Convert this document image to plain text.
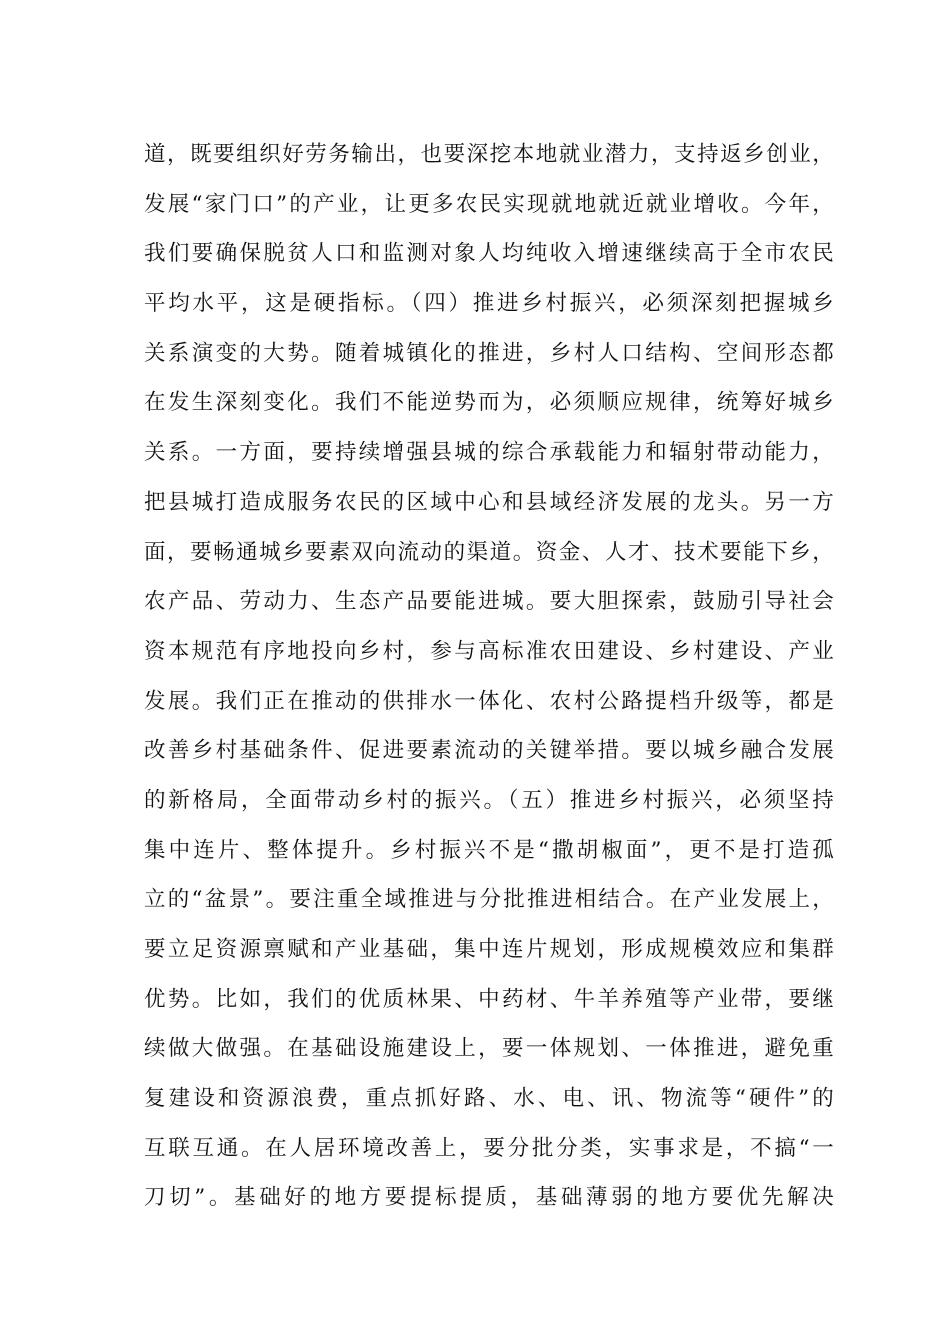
道，既要组织好劳务输出，也要深挖本地就业潜力，支持返乡创业，
发展“家门口”的产业，让更多农民实现就地就近就业增收。今年，
我们要确保脱贫人口和监测对象人均纯收入增速继续高于全市农民
平均水平，这是硬指标。（四）推进乡村振兴，必须深刻把握城乡
关系演变的大势。随着城镇化的推进，乡村人口结构、空间形态都
在发生深刻变化。我们不能逆势而为，必须顺应规律，统筹好城乡
关系。一方面，要持续增强县城的综合承载能力和辐射带动能力，
把县城打造成服务农民的区域中心和县域经济发展的龙头。另一方
面，要畅通城乡要素双向流动的渠道。资金、人才、技术要能下乡，
农产品、劳动力、生态产品要能进城。要大胆探索，鼓励引导社会
资本规范有序地投向乡村，参与高标准农田建设、乡村建设、产业
发展。我们正在推动的供排水一体化、农村公路提档升级等，都是
改善乡村基础条件、促进要素流动的关键举措。要以城乡融合发展
的新格局，全面带动乡村的振兴。（五）推进乡村振兴，必须坚持
集中连片、整体提升。乡村振兴不是“撒胡椒面”，更不是打造孤
立的“盆景”。要注重全域推进与分批推进相结合。在产业发展上，
要立足资源禀赋和产业基础，集中连片规划，形成规模效应和集群
优势。比如，我们的优质林果、中药材、牛羊养殖等产业带，要继
续做大做强。在基础设施建设上，要一体规划、一体推进，避免重
复建设和资源浪费，重点抓好路、水、电、讯、物流等“硬件”的
互联互通。在人居环境改善上，要分批分类，实事求是，不搞“一
刀切”。基础好的地方要提标提质，基础薄弱的地方要优先解决
